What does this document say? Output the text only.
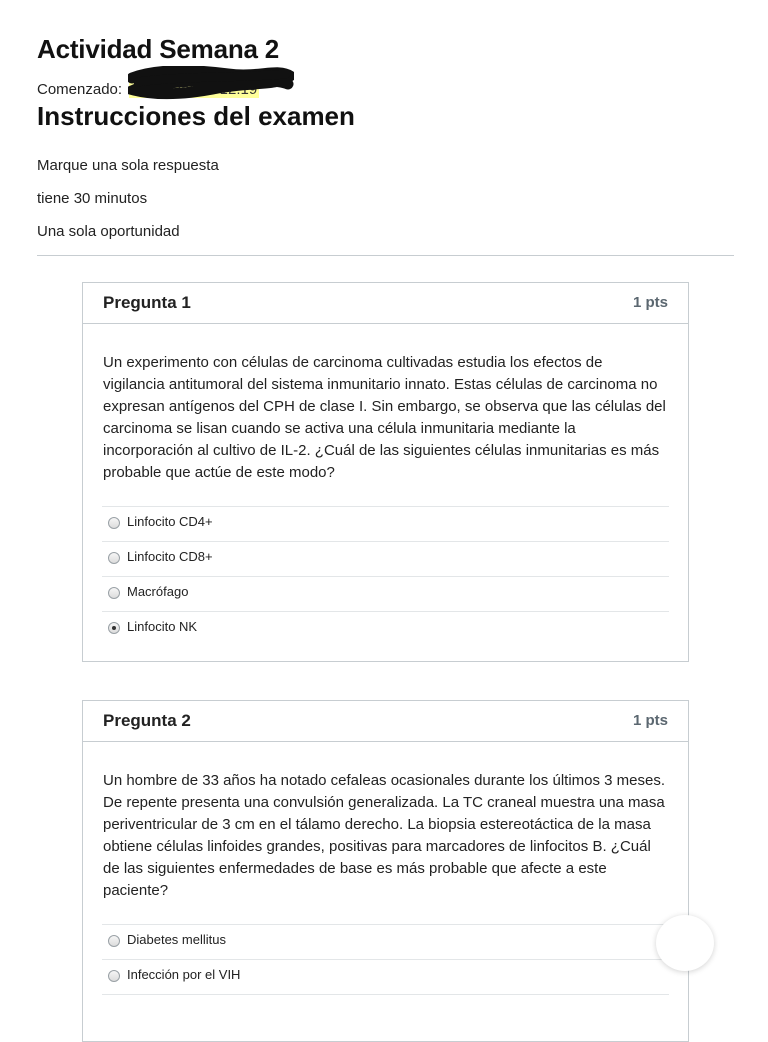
Actividad Semana 2
Comenzado: 16 de abr en 12:19
Instrucciones del examen

Marque una sola respuesta

tiene 30 minutos

Una sola oportunidad

Pregunta 1	1 pts

Un experimento con células de carcinoma cultivadas estudia los efectos de vigilancia antitumoral del sistema inmunitario innato. Estas células de carcinoma no expresan antígenos del CPH de clase I. Sin embargo, se observa que las células del carcinoma se lisan cuando se activa una célula inmunitaria mediante la incorporación al cultivo de IL-2. ¿Cuál de las siguientes células inmunitarias es más probable que actúe de este modo?

Linfocito CD4+
Linfocito CD8+
Macrófago
Linfocito NK
Pregunta 2	1 pts

Un hombre de 33 años ha notado cefaleas ocasionales durante los últimos 3 meses. De repente presenta una convulsión generalizada. La TC craneal muestra una masa periventricular de 3 cm en el tálamo derecho. La biopsia estereotáctica de la masa obtiene células linfoides grandes, positivas para marcadores de linfocitos B. ¿Cuál de las siguientes enfermedades de base es más probable que afecte a este paciente?

Diabetes mellitus
Infección por el VIH
